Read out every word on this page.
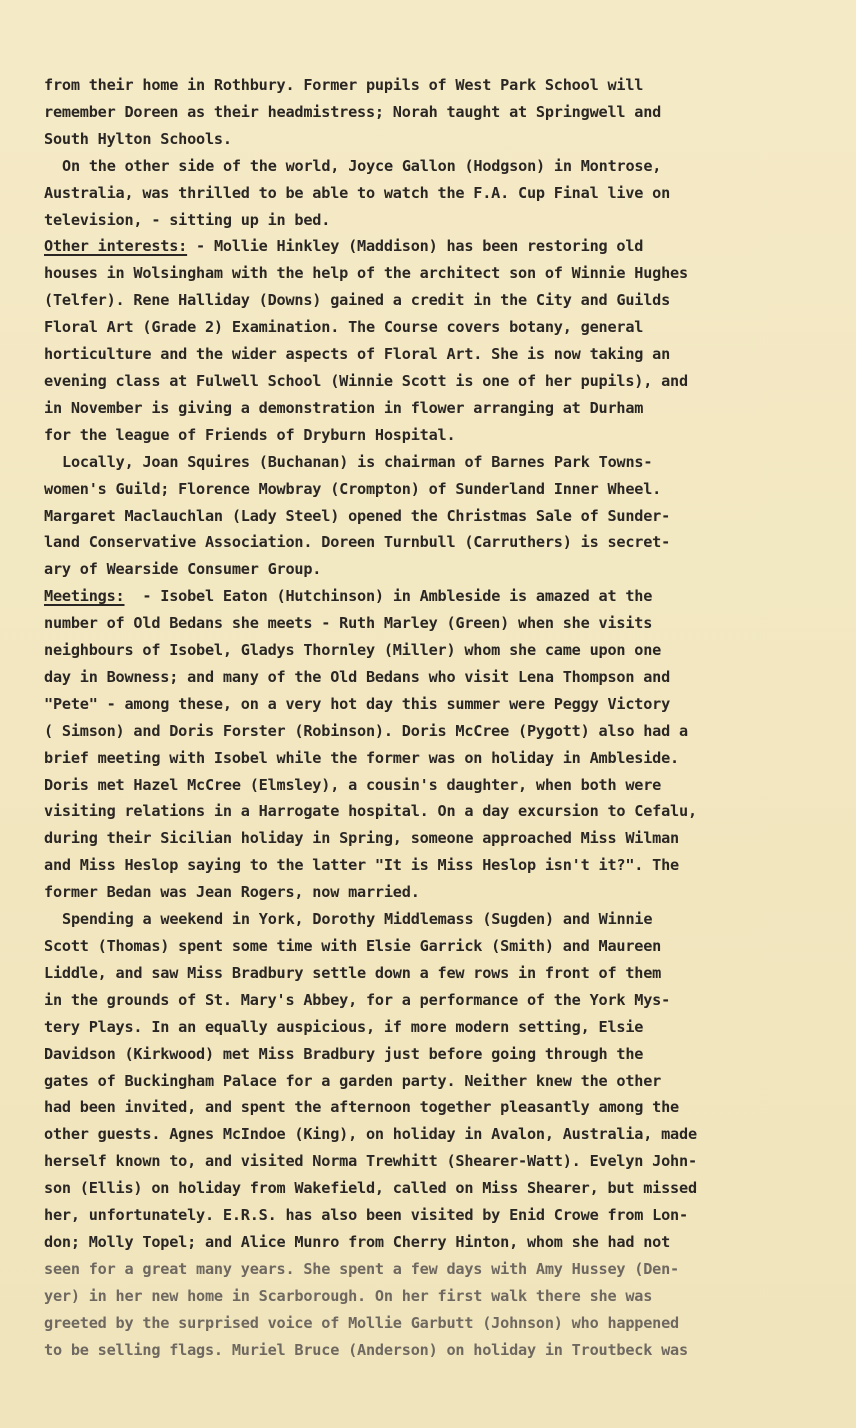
from their home in Rothbury. Former pupils of West Park School will
remember Doreen as their headmistress; Norah taught at Springwell and
South Hylton Schools.
On the other side of the world, Joyce Gallon (Hodgson) in Montrose,
Australia, was thrilled to be able to watch the F.A. Cup Final live on
television, - sitting up in bed.
Other interests: - Mollie Hinkley (Maddison) has been restoring old
houses in Wolsingham with the help of the architect son of Winnie Hughes
(Telfer). Rene Halliday (Downs) gained a credit in the City and Guilds
Floral Art (Grade 2) Examination. The Course covers botany, general
horticulture and the wider aspects of Floral Art. She is now taking an
evening class at Fulwell School (Winnie Scott is one of her pupils), and
in November is giving a demonstration in flower arranging at Durham
for the league of Friends of Dryburn Hospital.
Locally, Joan Squires (Buchanan) is chairman of Barnes Park Towns-
women's Guild; Florence Mowbray (Crompton) of Sunderland Inner Wheel.
Margaret Maclauchlan (Lady Steel) opened the Christmas Sale of Sunder-
land Conservative Association. Doreen Turnbull (Carruthers) is secret-
ary of Wearside Consumer Group.
Meetings: - Isobel Eaton (Hutchinson) in Ambleside is amazed at the
number of Old Bedans she meets - Ruth Marley (Green) when she visits
neighbours of Isobel, Gladys Thornley (Miller) whom she came upon one
day in Bowness; and many of the Old Bedans who visit Lena Thompson and
"Pete" - among these, on a very hot day this summer were Peggy Victory
( Simson) and Doris Forster (Robinson). Doris McCree (Pygott) also had a
brief meeting with Isobel while the former was on holiday in Ambleside.
Doris met Hazel McCree (Elmsley), a cousin's daughter, when both were
visiting relations in a Harrogate hospital. On a day excursion to Cefalu,
during their Sicilian holiday in Spring, someone approached Miss Wilman
and Miss Heslop saying to the latter "It is Miss Heslop isn't it?". The
former Bedan was Jean Rogers, now married.
Spending a weekend in York, Dorothy Middlemass (Sugden) and Winnie
Scott (Thomas) spent some time with Elsie Garrick (Smith) and Maureen
Liddle, and saw Miss Bradbury settle down a few rows in front of them
in the grounds of St. Mary's Abbey, for a performance of the York Mys-
tery Plays. In an equally auspicious, if more modern setting, Elsie
Davidson (Kirkwood) met Miss Bradbury just before going through the
gates of Buckingham Palace for a garden party. Neither knew the other
had been invited, and spent the afternoon together pleasantly among the
other guests. Agnes McIndoe (King), on holiday in Avalon, Australia, made
herself known to, and visited Norma Trewhitt (Shearer-Watt). Evelyn John-
son (Ellis) on holiday from Wakefield, called on Miss Shearer, but missed
her, unfortunately. E.R.S. has also been visited by Enid Crowe from Lon-
don; Molly Topel; and Alice Munro from Cherry Hinton, whom she had not
seen for a great many years. She spent a few days with Amy Hussey (Den-
yer) in her new home in Scarborough. On her first walk there she was
greeted by the surprised voice of Mollie Garbutt (Johnson) who happened
to be selling flags. Muriel Bruce (Anderson) on holiday in Troutbeck was
